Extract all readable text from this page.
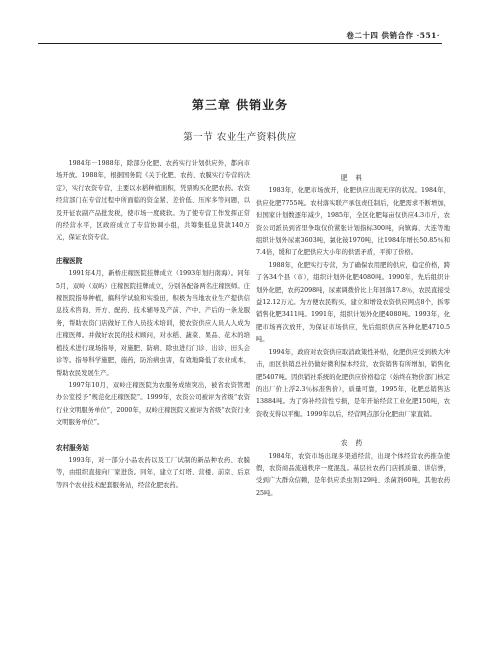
卷二十四 供销合作 ·551·
第三章 供销业务
第一节 农业生产资料供应

1984年－1988年，除部分化肥、农药实行计划供应外，都向市场开放。1988年，根据国务院《关于化肥、农药、农膜实行专营的决定》，实行农资专营，主要以水稻种植面积，凭票购买化肥农药。农资经营部门在专营过程中所面临的资金紧、差价低、压库多等问题，以及开征农副产品批发税，使市场一度疲软。为了使专营工作发挥正常的经营水平，区政府成立了专营协调小组，共筹集低息贷款140万元，保证农资专营。

庄稼医院

1991年4月，新桥庄稼医院挂牌成立（1993年划归南海）。同年5月，双岭（双屿）庄稼医院挂牌成立，分别各配备两名庄稼医师。庄稼医院指导种植，搞科学试验和实验田，积极为当地农业生产提供信息技术咨询、开方、配药、技术辅导及产前、产中、产后的一条龙服务，帮助农资门店做好工作人员技术培训，使农资供应人员人人成为庄稼医师。并做好农民的技术顾问，对水稻、蔬菜、果品、花木的培植技术进行现场指导，对施肥、防病、除虫进行门诊、出诊、田头会诊等。指导科学施肥，施药，防治病虫害，有效地降低了农业成本，帮助农民发展生产。

1997年10月，双岭庄稼医院为农服务成绩突出，被省农资管理办公室授予“规范化庄稼医院”。1999年，农资公司被评为省级“农资行业文明服务单位”，2000年，双岭庄稼医院又被评为省级“农资行业文明服务单位”。

农村服务站

1993年，对一部分小品农药以及工厂试制的新品种农药、农膜等，由组织直接向厂家进货。同年，建立了灯塔、营楼、前京、后京等四个农业技术配套服务站，经营化肥农药。

肥 料

1983年，化肥市场放开，化肥供应出现无序的状况。1984年，供应化肥7755吨。农村落实联产承包责任制后，化肥需求不断增加，但国家计划数逐年减少，1985年，全区化肥每亩仅供应4.3市斤，农资公司派员到省里争取仅价紧张计划指标300吨，向镇海、大连等地组织计划外尿素3603吨，氯化铵1970吨，比1984年增长50.85％和7.4倍，缓和了化肥供应大小年的供需矛盾，平抑了价格。

1988年，化肥实行专营，为了确保农用肥的供应，稳定价格，跨了各34个县（市），组织计划外化肥4080吨。1990年，先后组织计划外化肥，农药2098吨，尿素调拨价比上年回落17.8％，农民直接受益12.12万元。为方便农民购买，建立和增设农资供应网点8个，拆零销售化肥3411吨。1991年，组织计划外化肥4080吨。1993年，化肥市场再次放开，为保证市场供应，先后组织供应各种化肥4710.5吨。

1994年，政府对农资供应取消政策性补贴，化肥供应受到极大冲击，而区供销总社仍做好微利保本经营，农资销售有所增加，销售化肥5407吨。因供销社系统的化肥供应价格稳定（始终在物价部门核定的出厂价上浮2.3％标准售价），质量可靠，1995年，化肥总销售达13884吨。为了弥补经营性亏损，是年开始经营工业化肥150吨，农资收支得以平衡。1999年以后，经营网点部分化肥由厂家直销。

农 药

1984年，农资市场出现多渠道经营，出现个体经营农药推杂使假，农资商品流通秩序一度混乱。基层社农药门店抓质量、讲信誉，受到广大群众信赖，是年供应杀虫剂129吨、杀菌剂60吨，其他农药25吨。
